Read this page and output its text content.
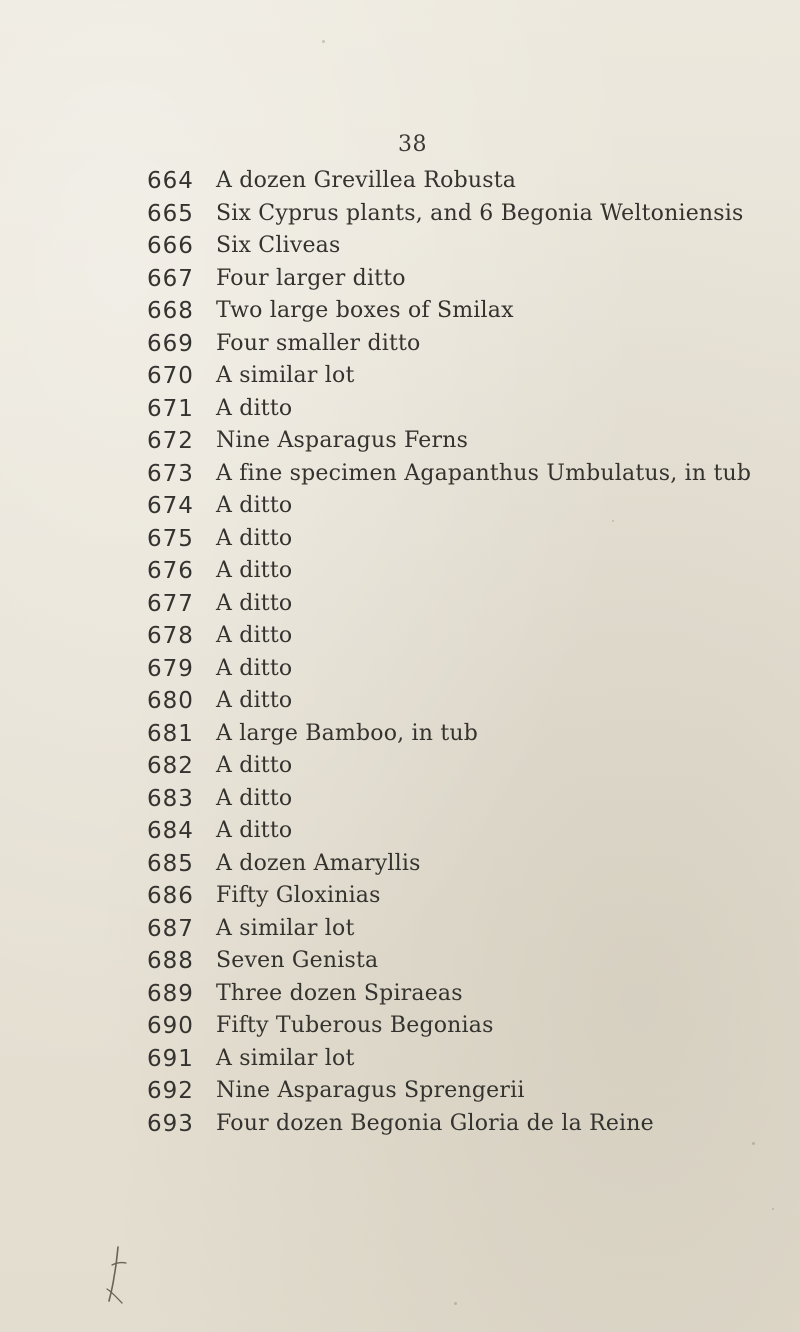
38
664 A dozen Grevillea Robusta
665 Six Cyprus plants, and 6 Begonia Weltoniensis
666 Six Cliveas
667 Four larger ditto
668 Two large boxes of Smilax
669 Four smaller ditto
670 A similar lot
671 A ditto
672 Nine Asparagus Ferns
673 A fine specimen Agapanthus Umbulatus, in tub
674 A ditto
675 A ditto
676 A ditto
677 A ditto
678 A ditto
679 A ditto
680 A ditto
681 A large Bamboo, in tub
682 A ditto
683 A ditto
684 A ditto
685 A dozen Amaryllis
686 Fifty Gloxinias
687 A similar lot
688 Seven Genista
689 Three dozen Spiraeas
690 Fifty Tuberous Begonias
691 A similar lot
692 Nine Asparagus Sprengerii
693 Four dozen Begonia Gloria de la Reine
